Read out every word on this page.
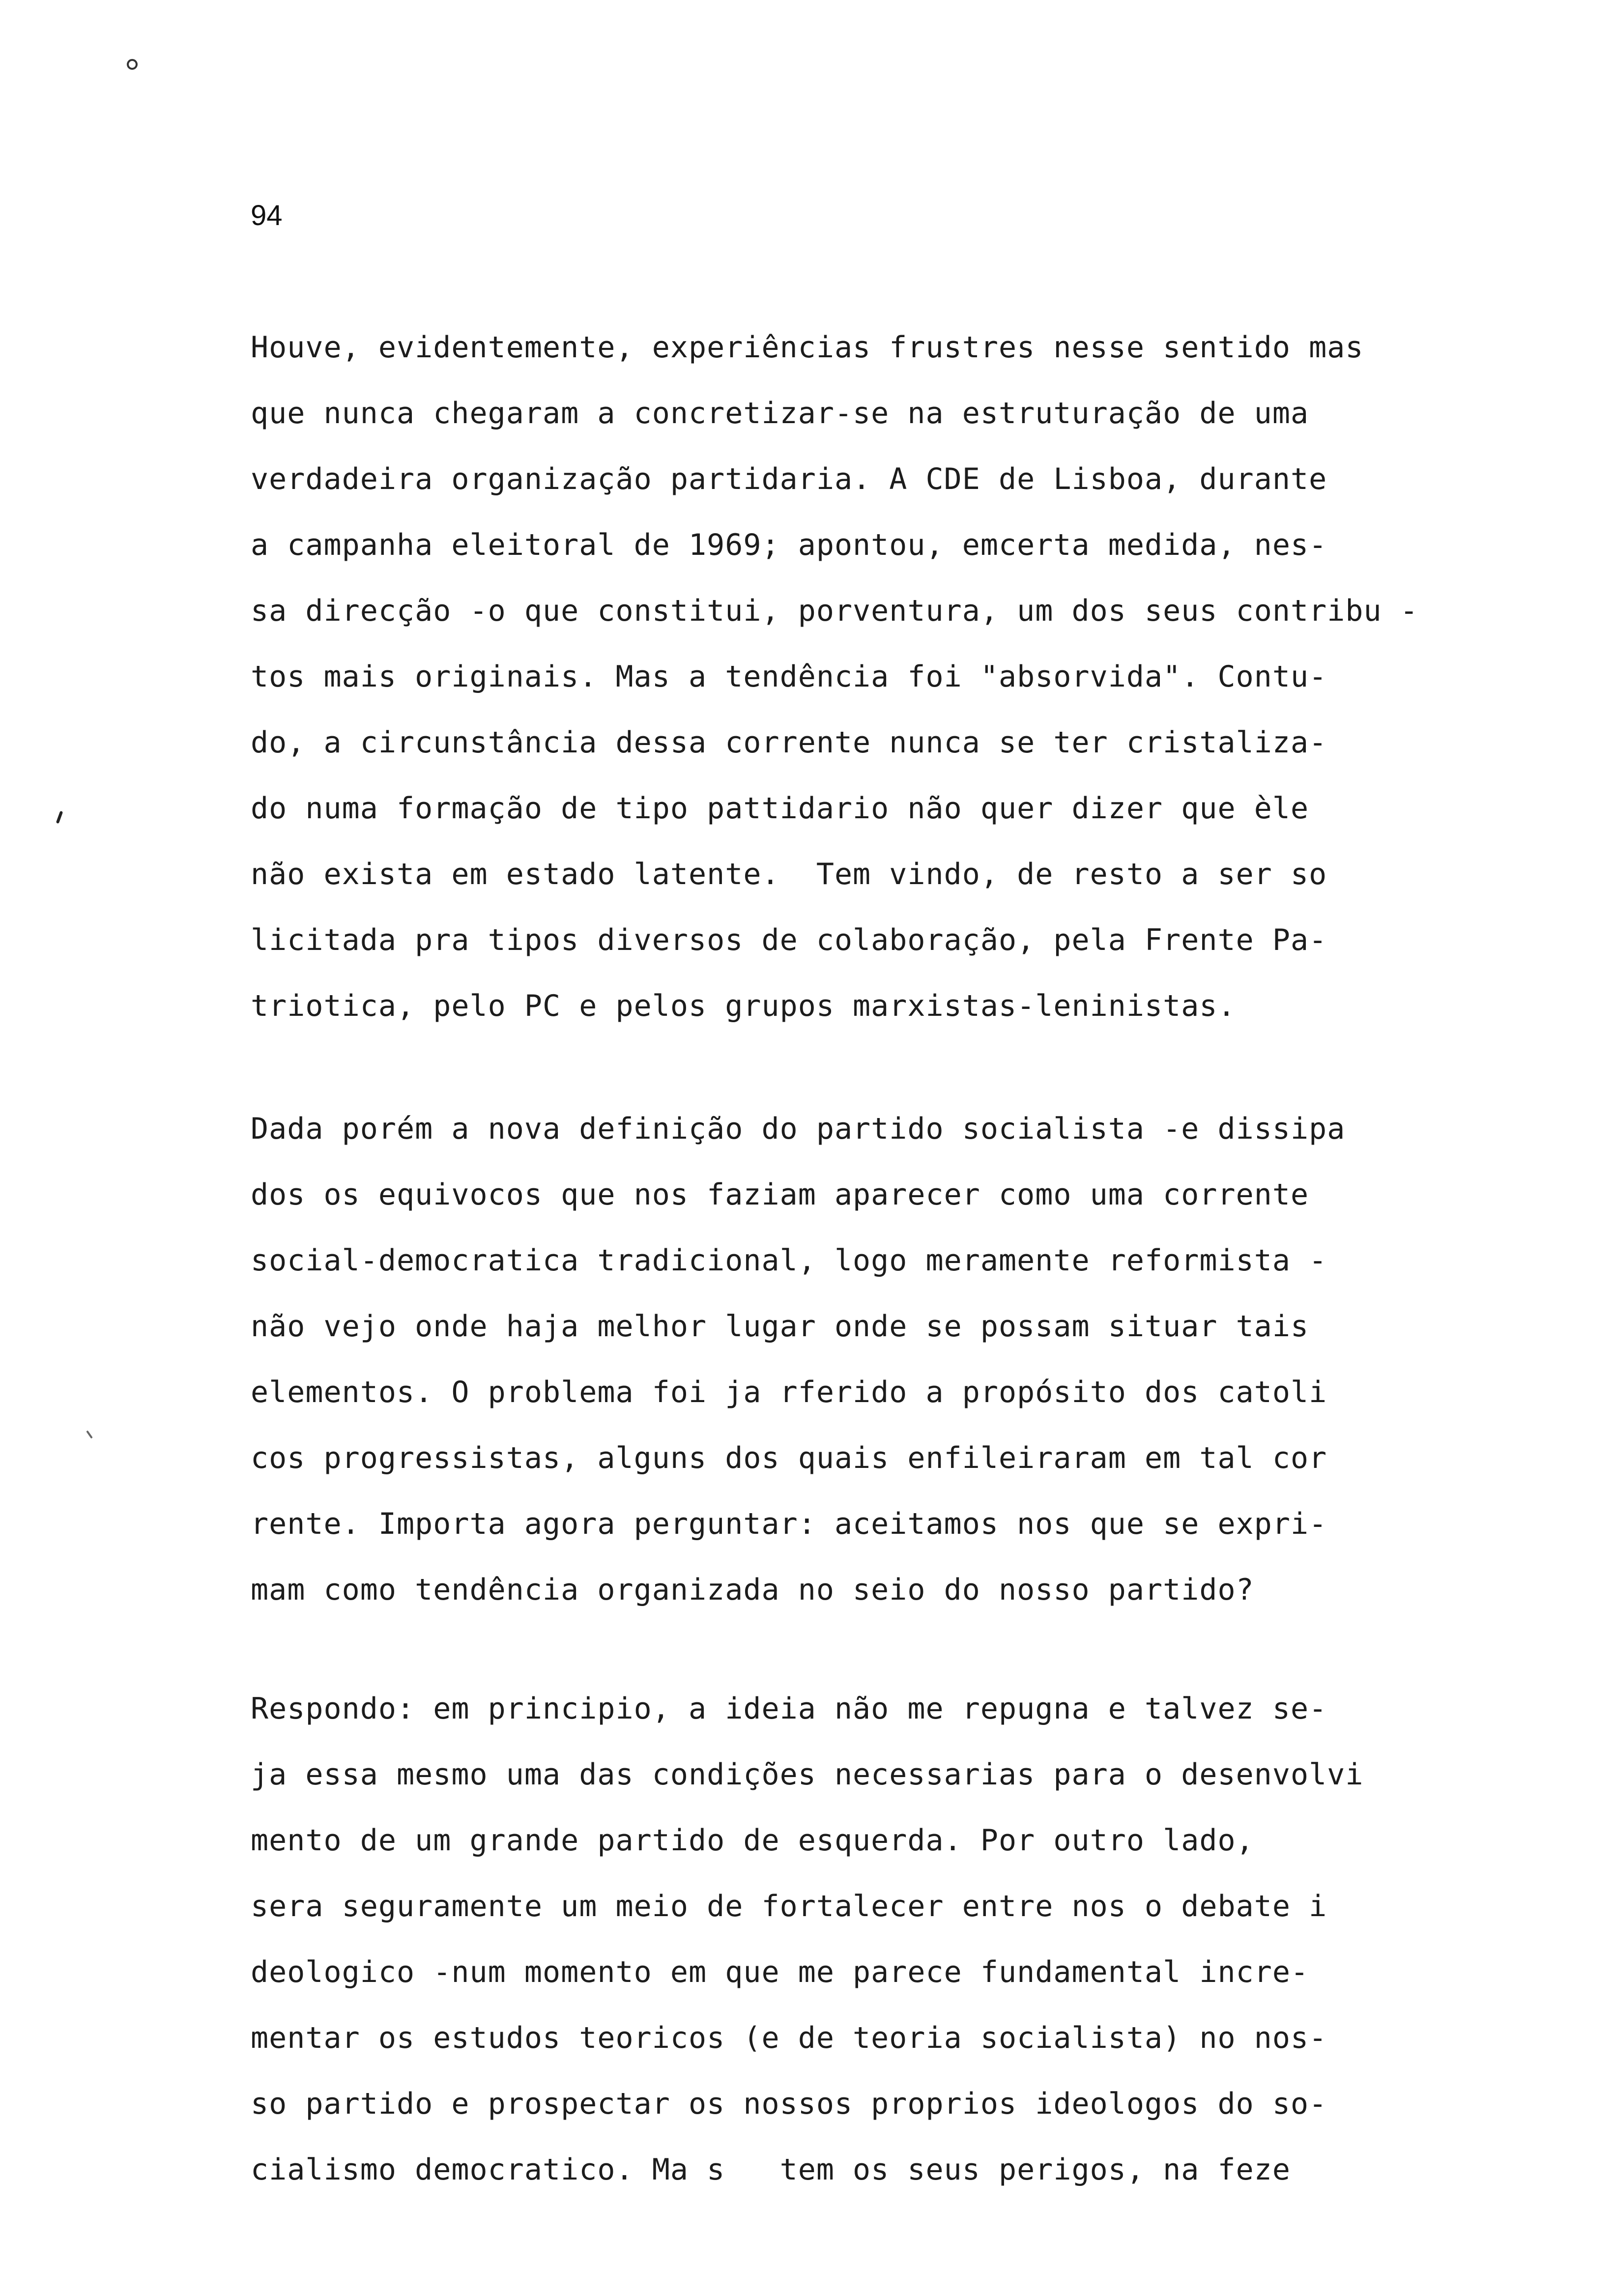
94
Houve, evidentemente, experiências frustres nesse sentido mas
que nunca chegaram a concretizar-se na estruturação de uma
verdadeira organização partidaria. A CDE de Lisboa, durante
a campanha eleitoral de 1969; apontou, emcerta medida, nes-
sa direcção -o que constitui, porventura, um dos seus contribu -
tos mais originais. Mas a tendência foi "absorvida". Contu-
do, a circunstância dessa corrente nunca se ter cristaliza-
do numa formação de tipo pattidario não quer dizer que èle
não exista em estado latente.  Tem vindo, de resto a ser so
licitada pra tipos diversos de colaboração, pela Frente Pa-
triotica, pelo PC e pelos grupos marxistas-leninistas.
Dada porém a nova definição do partido socialista -e dissipa
dos os equivocos que nos faziam aparecer como uma corrente
social-democratica tradicional, logo meramente reformista -
não vejo onde haja melhor lugar onde se possam situar tais
elementos. O problema foi ja rferido a propósito dos catoli
cos progressistas, alguns dos quais enfileiraram em tal cor
rente. Importa agora perguntar: aceitamos nos que se expri-
mam como tendência organizada no seio do nosso partido?
Respondo: em principio, a ideia não me repugna e talvez se-
ja essa mesmo uma das condições necessarias para o desenvolvi
mento de um grande partido de esquerda. Por outro lado,
sera seguramente um meio de fortalecer entre nos o debate i
deologico -num momento em que me parece fundamental incre-
mentar os estudos teoricos (e de teoria socialista) no nos-
so partido e prospectar os nossos proprios ideologos do so-
cialismo democratico. Ma s   tem os seus perigos, na feze
